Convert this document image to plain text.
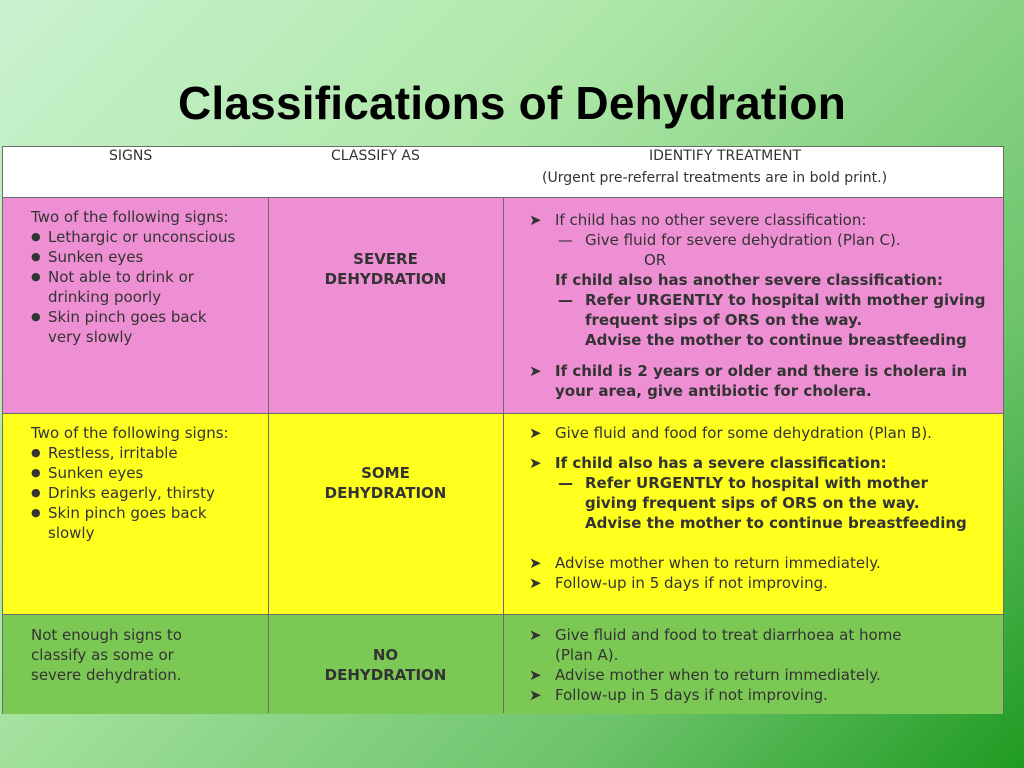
Classifications of Dehydration
SIGNS	CLASSIFY AS	IDENTIFY TREATMENT
(Urgent pre-referral treatments are in bold print.)
Two of the following signs:
● Lethargic or unconscious
● Sunken eyes
● Not able to drink or
drinking poorly
● Skin pinch goes back
very slowly
SEVERE
DEHYDRATION
➤ If child has no other severe classification:
— Give fluid for severe dehydration (Plan C).
OR
If child also has another severe classification:
— Refer URGENTLY to hospital with mother giving
frequent sips of ORS on the way.
Advise the mother to continue breastfeeding
➤ If child is 2 years or older and there is cholera in
your area, give antibiotic for cholera.
Two of the following signs:
● Restless, irritable
● Sunken eyes
● Drinks eagerly, thirsty
● Skin pinch goes back
slowly
SOME
DEHYDRATION
➤ Give fluid and food for some dehydration (Plan B).
➤ If child also has a severe classification:
— Refer URGENTLY to hospital with mother
giving frequent sips of ORS on the way.
Advise the mother to continue breastfeeding
➤ Advise mother when to return immediately.
➤ Follow-up in 5 days if not improving.
Not enough signs to
classify as some or
severe dehydration.
NO
DEHYDRATION
➤ Give fluid and food to treat diarrhoea at home
(Plan A).
➤ Advise mother when to return immediately.
➤ Follow-up in 5 days if not improving.
